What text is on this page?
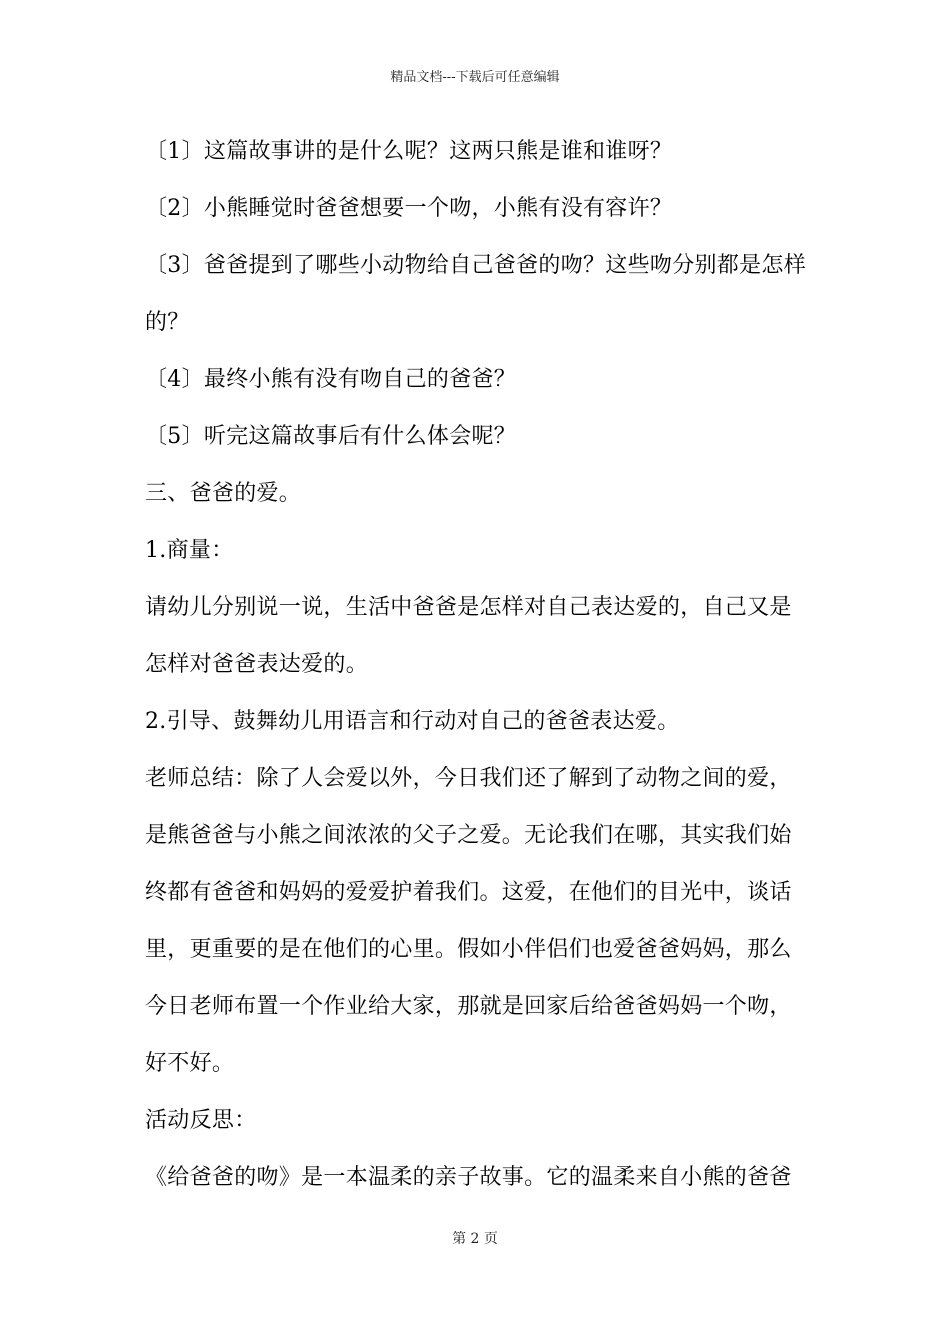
精品文档---下载后可任意编辑
〔1〕这篇故事讲的是什么呢？这两只熊是谁和谁呀？
〔2〕小熊睡觉时爸爸想要一个吻，小熊有没有容许？
〔3〕爸爸提到了哪些小动物给自己爸爸的吻？这些吻分别都是怎样
的？
〔4〕最终小熊有没有吻自己的爸爸？
〔5〕听完这篇故事后有什么体会呢？
三、爸爸的爱。
1.商量：
请幼儿分别说一说，生活中爸爸是怎样对自己表达爱的，自己又是
怎样对爸爸表达爱的。
2.引导、鼓舞幼儿用语言和行动对自己的爸爸表达爱。
老师总结：除了人会爱以外，今日我们还了解到了动物之间的爱，
是熊爸爸与小熊之间浓浓的父子之爱。无论我们在哪，其实我们始
终都有爸爸和妈妈的爱爱护着我们。这爱，在他们的目光中，谈话
里，更重要的是在他们的心里。假如小伴侣们也爱爸爸妈妈，那么
今日老师布置一个作业给大家，那就是回家后给爸爸妈妈一个吻，
好不好。
活动反思：
《给爸爸的吻》是一本温柔的亲子故事。它的温柔来自小熊的爸爸
第 2 页
